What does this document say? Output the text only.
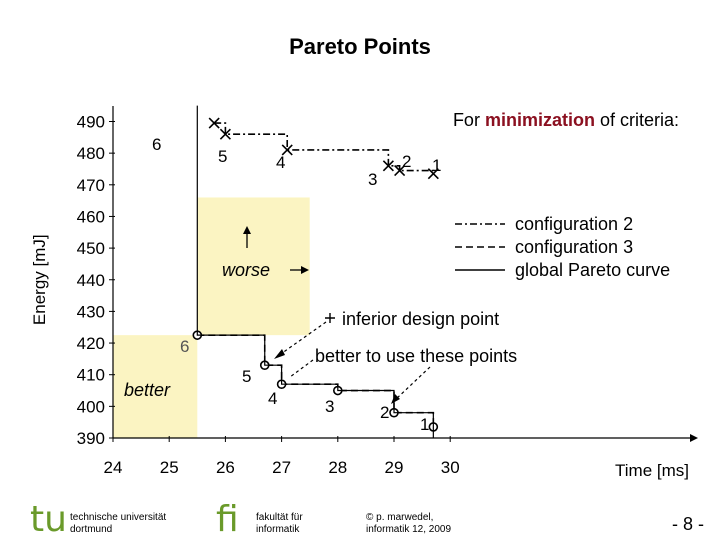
Pareto Points
390
400
410
420
430
440
450
460
470
480
490
24 25 26 27 28 29 30	Time [ms]
Energy [mJ]
6
5	4
3
2 1
6
5
4	3	2
1
configuration 2
configuration 3
global Pareto curve
For minimization of criteria:
worse
better
inferior design point
better to use these points
tu technische universität
dortmund	fi fakultät für
informatik
© p. marwedel,
informatik 12, 2009	- 8 -
